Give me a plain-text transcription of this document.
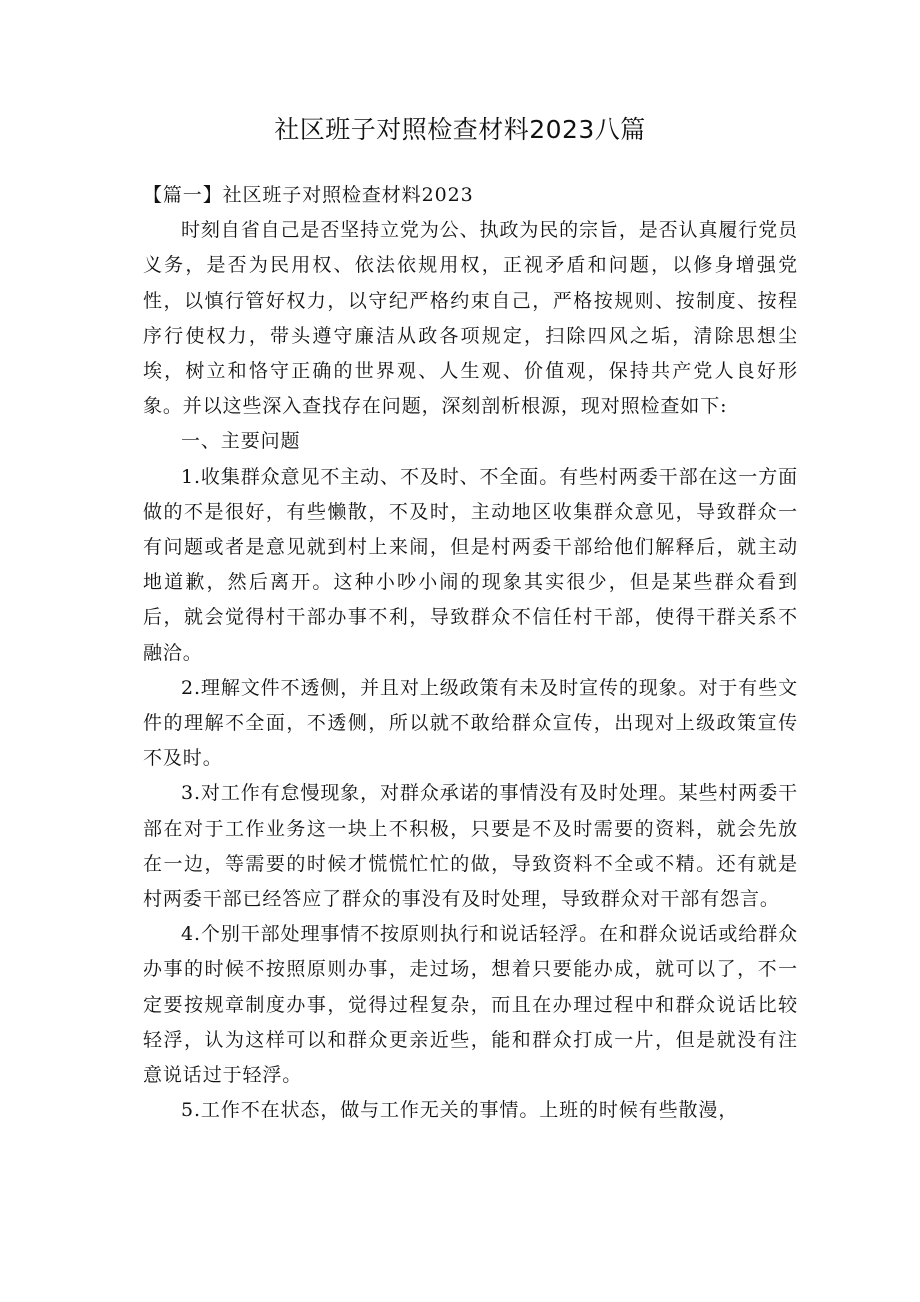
社区班子对照检查材料2023八篇

【篇一】社区班子对照检查材料2023

时刻自省自己是否坚持立党为公、执政为民的宗旨，是否认真履行党员义务，是否为民用权、依法依规用权，正视矛盾和问题，以修身增强党性，以慎行管好权力，以守纪严格约束自己，严格按规则、按制度、按程序行使权力，带头遵守廉洁从政各项规定，扫除四风之垢，清除思想尘埃，树立和恪守正确的世界观、人生观、价值观，保持共产党人良好形象。并以这些深入查找存在问题，深刻剖析根源，现对照检查如下:

一、主要问题

1.收集群众意见不主动、不及时、不全面。有些村两委干部在这一方面做的不是很好，有些懒散，不及时，主动地区收集群众意见，导致群众一有问题或者是意见就到村上来闹，但是村两委干部给他们解释后，就主动地道歉，然后离开。这种小吵小闹的现象其实很少，但是某些群众看到后，就会觉得村干部办事不利，导致群众不信任村干部，使得干群关系不融洽。

2.理解文件不透侧，并且对上级政策有未及时宣传的现象。对于有些文件的理解不全面，不透侧，所以就不敢给群众宣传，出现对上级政策宣传不及时。

3.对工作有怠慢现象，对群众承诺的事情没有及时处理。某些村两委干部在对于工作业务这一块上不积极，只要是不及时需要的资料，就会先放在一边，等需要的时候才慌慌忙忙的做，导致资料不全或不精。还有就是村两委干部已经答应了群众的事没有及时处理，导致群众对干部有怨言。

4.个别干部处理事情不按原则执行和说话轻浮。在和群众说话或给群众办事的时候不按照原则办事，走过场，想着只要能办成，就可以了，不一定要按规章制度办事，觉得过程复杂，而且在办理过程中和群众说话比较轻浮，认为这样可以和群众更亲近些，能和群众打成一片，但是就没有注意说话过于轻浮。

5.工作不在状态，做与工作无关的事情。上班的时候有些散漫，
